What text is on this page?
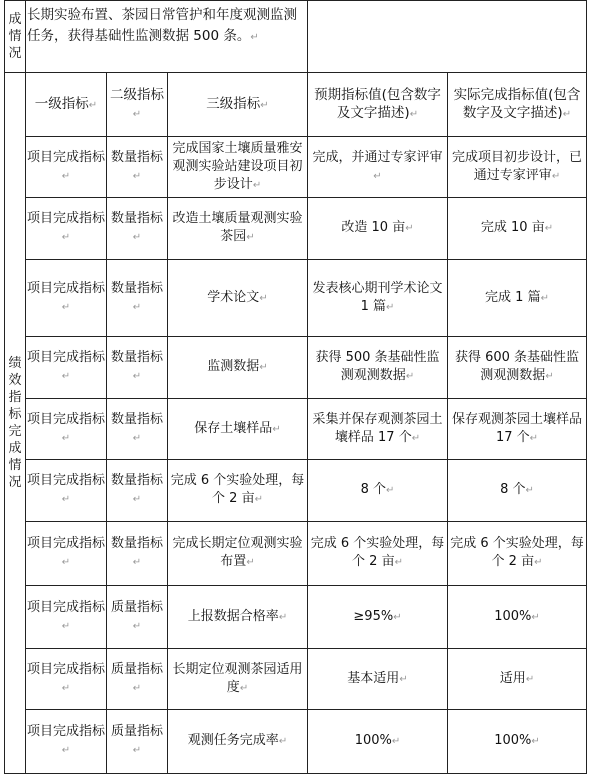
成情况	长期实验布置、茶园日常管护和年度观测监测任务，获得基础性监测数据 500 条。↵				
绩效指标完成情况	一级指标↵	二级指标↵	三级指标↵	预期指标值(包含数字及文字描述)↵	实际完成指标值(包含数字及文字描述)↵
	项目完成指标↵	数量指标↵	完成国家土壤质量雅安观测实验站建设项目初步设计↵	完成，并通过专家评审↵	完成项目初步设计，已通过专家评审↵
	项目完成指标↵	数量指标↵	改造土壤质量观测实验茶园↵	改造 10 亩↵	完成 10 亩↵
	项目完成指标↵	数量指标↵	学术论文↵	发表核心期刊学术论文 1 篇↵	完成 1 篇↵
	项目完成指标↵	数量指标↵	监测数据↵	获得 500 条基础性监测观测数据↵	获得 600 条基础性监测观测数据↵
	项目完成指标↵	数量指标↵	保存土壤样品↵	采集并保存观测茶园土壤样品 17 个↵	保存观测茶园土壤样品 17 个↵
	项目完成指标↵	数量指标↵	完成 6 个实验处理，每个 2 亩↵	8 个↵	8 个↵
	项目完成指标↵	数量指标↵	完成长期定位观测实验布置↵	完成 6 个实验处理，每个 2 亩↵	完成 6 个实验处理，每个 2 亩↵
	项目完成指标↵	质量指标↵	上报数据合格率↵	≥95%↵	100%↵
	项目完成指标↵	质量指标↵	长期定位观测茶园适用度↵	基本适用↵	适用↵
	项目完成指标↵	质量指标↵	观测任务完成率↵	100%↵	100%↵
